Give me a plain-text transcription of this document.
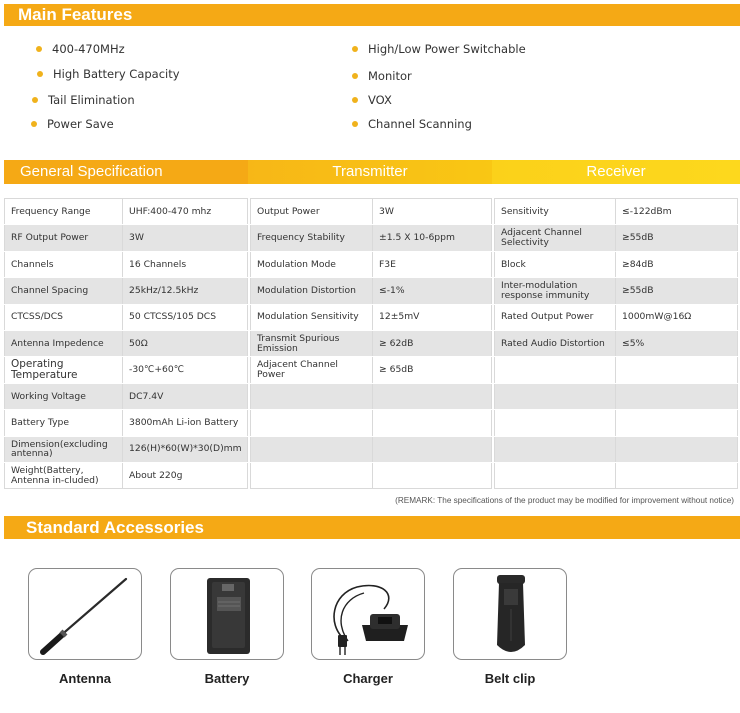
Main Features
400-470MHz
High Battery Capacity
Tail Elimination
Power Save
High/Low Power Switchable
Monitor
VOX
Channel Scanning
General Specification	Transmitter	Receiver
Frequency Range	UHF:400-470 mhz
RF Output Power	3W
Channels	16 Channels
Channel Spacing	25kHz/12.5kHz
CTCSS/DCS	50 CTCSS/105 DCS
Antenna Impedence	50Ω
Operating Temperature	-30℃+60℃
Working Voltage	DC7.4V
Battery Type	3800mAh Li-ion Battery
Dimension(excluding antenna)	126(H)*60(W)*30(D)mm
Weight(Battery, Antenna in-cluded)	About 220g
Output Power	3W
Frequency Stability	±1.5 X 10-6ppm
Modulation Mode	F3E
Modulation Distortion	≤-1%
Modulation Sensitivity	12±5mV
Transmit Spurious Emission	≥ 62dB
Adjacent Channel Power	≥ 65dB

Sensitivity	≤-122dBm
Adjacent Channel Selectivity	≥55dB
Block	≥84dB
Inter-modulation response immunity	≥55dB
Rated Output Power	1000mW@16Ω
Rated Audio Distortion	≤5%

(REMARK: The specifications of the product may be modified for improvement without notice)
Standard Accessories
Antenna	Battery	Charger	Belt clip
